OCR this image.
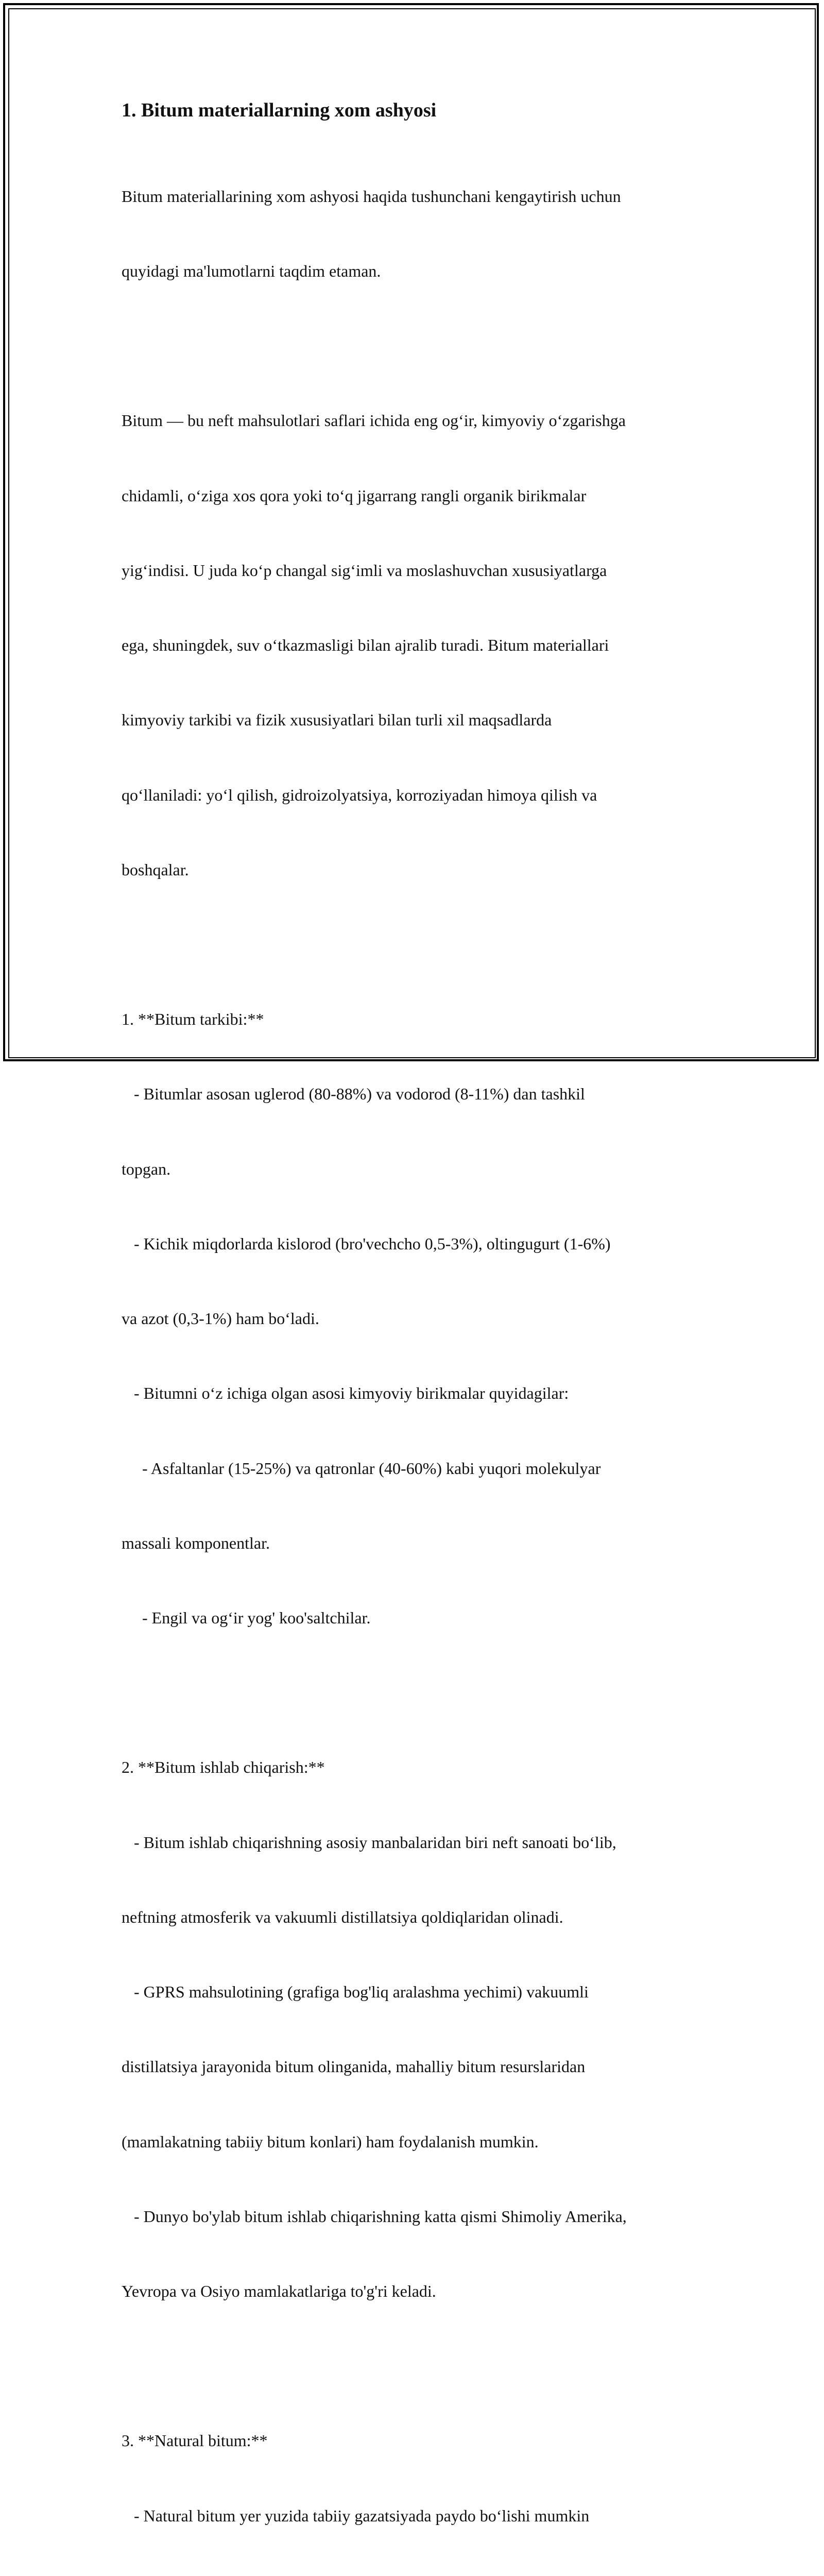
1. Bitum materiallarning xom ashyosi

Bitum materiallarining xom ashyosi haqida tushunchani kengaytirish uchun

quyidagi ma'lumotlarni taqdim etaman.

Bitum — bu neft mahsulotlari saflari ichida eng og‘ir, kimyoviy o‘zgarishga

chidamli, o‘ziga xos qora yoki to‘q jigarrang rangli organik birikmalar

yig‘indisi. U juda ko‘p changal sig‘imli va moslashuvchan xususiyatlarga

ega, shuningdek, suv o‘tkazmasligi bilan ajralib turadi. Bitum materiallari

kimyoviy tarkibi va fizik xususiyatlari bilan turli xil maqsadlarda

qo‘llaniladi: yo‘l qilish, gidroizolyatsiya, korroziyadan himoya qilish va

boshqalar.

1. **Bitum tarkibi:**

- Bitumlar asosan uglerod (80-88%) va vodorod (8-11%) dan tashkil

topgan.

- Kichik miqdorlarda kislorod (bro'vechcho 0,5-3%), oltingugurt (1-6%)

va azot (0,3-1%) ham bo‘ladi.

- Bitumni o‘z ichiga olgan asosi kimyoviy birikmalar quyidagilar:

- Asfaltanlar (15-25%) va qatronlar (40-60%) kabi yuqori molekulyar

massali komponentlar.

- Engil va og‘ir yog' koo'saltchilar.

2. **Bitum ishlab chiqarish:**

- Bitum ishlab chiqarishning asosiy manbalaridan biri neft sanoati bo‘lib,

neftning atmosferik va vakuumli distillatsiya qoldiqlaridan olinadi.

- GPRS mahsulotining (grafiga bog'liq aralashma yechimi) vakuumli

distillatsiya jarayonida bitum olinganida, mahalliy bitum resurslaridan

(mamlakatning tabiiy bitum konlari) ham foydalanish mumkin.

- Dunyo bo'ylab bitum ishlab chiqarishning katta qismi Shimoliy Amerika,

Yevropa va Osiyo mamlakatlariga to'g'ri keladi.

3. **Natural bitum:**

- Natural bitum yer yuzida tabiiy gazatsiyada paydo bo‘lishi mumkin
